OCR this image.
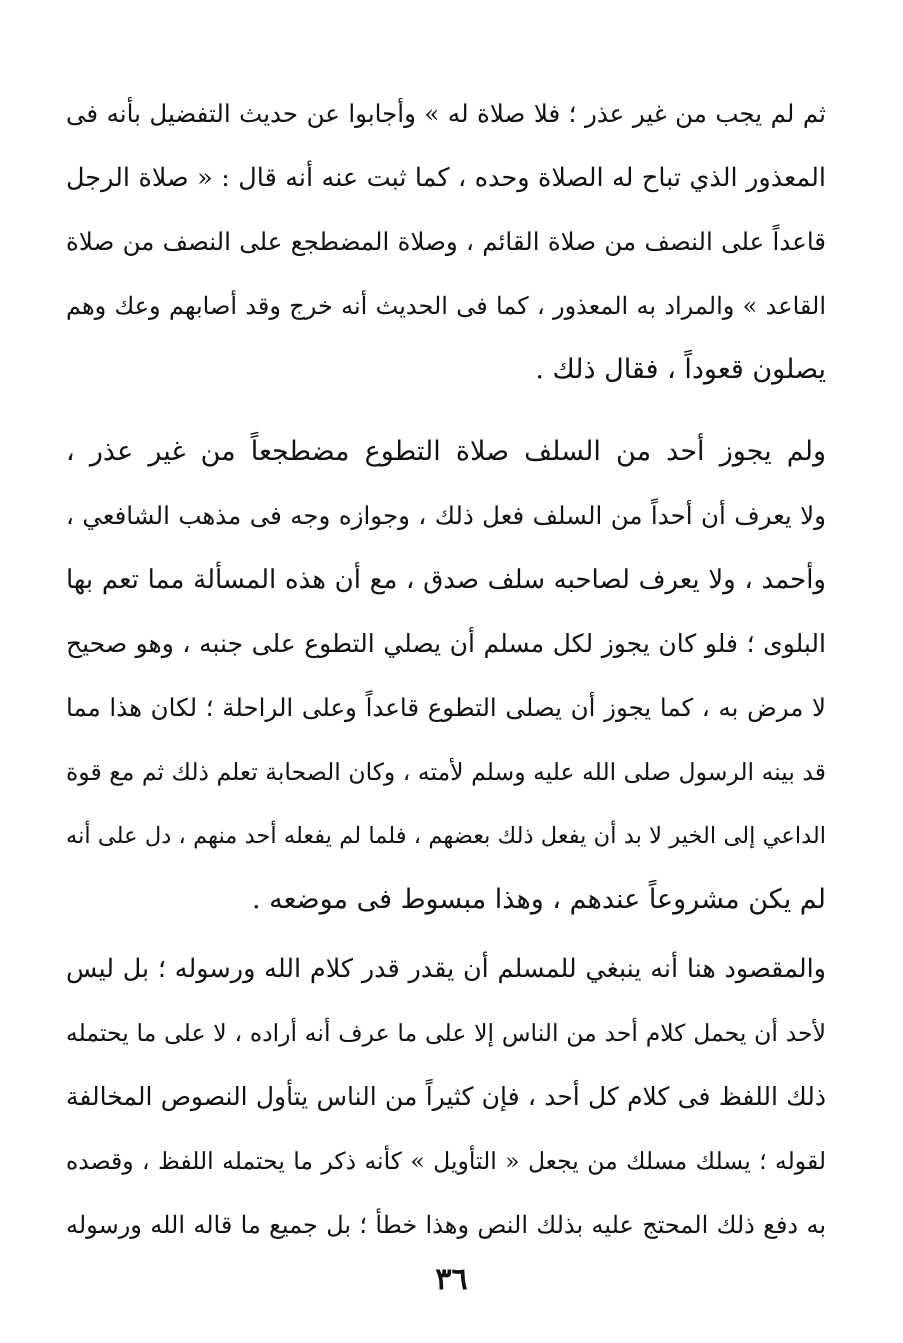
ثم لم يجب من غير عذر ؛ فلا صلاة له » وأجابوا عن حديث التفضيل بأنه فى
المعذور الذي تباح له الصلاة وحده ، كما ثبت عنه أنه قال : « صلاة الرجل
قاعداً على النصف من صلاة القائم ، وصلاة المضطجع على النصف من صلاة
القاعد » والمراد به المعذور ، كما فى الحديث أنه خرج وقد أصابهم وعك وهم
يصلون قعوداً ، فقال ذلك .
ولم يجوز أحد من السلف صلاة التطوع مضطجعاً من غير عذر ،
ولا يعرف أن أحداً من السلف فعل ذلك ، وجوازه وجه فى مذهب الشافعي ،
وأحمد ، ولا يعرف لصاحبه سلف صدق ، مع أن هذه المسألة مما تعم بها
البلوى ؛ فلو كان يجوز لكل مسلم أن يصلي التطوع على جنبه ، وهو صحيح
لا مرض به ، كما يجوز أن يصلى التطوع قاعداً وعلى الراحلة ؛ لكان هذا مما
قد بينه الرسول صلى الله عليه وسلم لأمته ، وكان الصحابة تعلم ذلك ثم مع قوة
الداعي إلى الخير لا بد أن يفعل ذلك بعضهم ، فلما لم يفعله أحد منهم ، دل على أنه
لم يكن مشروعاً عندهم ، وهذا مبسوط فى موضعه .
والمقصود هنا أنه ينبغي للمسلم أن يقدر قدر كلام الله ورسوله ؛ بل ليس
لأحد أن يحمل كلام أحد من الناس إلا على ما عرف أنه أراده ، لا على ما يحتمله
ذلك اللفظ فى كلام كل أحد ، فإن كثيراً من الناس يتأول النصوص المخالفة
لقوله ؛ يسلك مسلك من يجعل « التأويل » كأنه ذكر ما يحتمله اللفظ ، وقصده
به دفع ذلك المحتج عليه بذلك النص وهذا خطأ ؛ بل جميع ما قاله الله ورسوله
٣٦
